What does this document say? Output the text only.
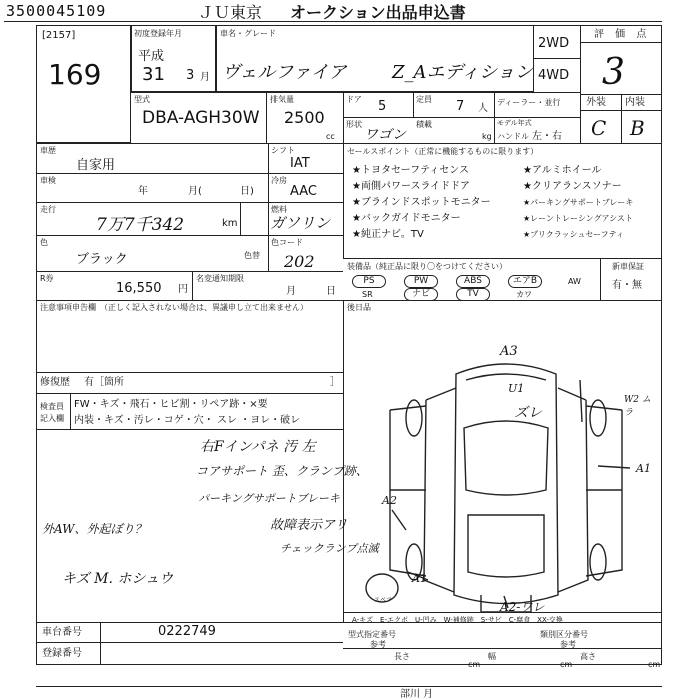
3500045109	ＪＵ東京 オークション出品申込書
[2157]
169
初度登録年月
平成
31 3 月
車名・グレード
ヴェルファイア	Z_Aエディション
2WD
4WD
評 価 点
3
外装 内装
C B
型式
DBA-AGH30W
排気量
2500
cc
ドア 5	定員 7 人
ディーラー・並行
形状
ワゴン
積載
kg
モデル年式
ハンドル 左・右
車歴
自家用
シフト
IAT
車検
年	月(	日)
冷房
AAC
走行
7万7千342	km
燃料
ガソリン
色
ブラック	色替
色コード
202
セールスポイント（正常に機能するものに限ります）
★トヨタセーフティセンス	★アルミホイール
★両側パワースライドドア	★クリアランスソナー
★ブラインドスポットモニター	★パーキングサポートブレーキ
★バックガイドモニター	★レーントレーシングアシスト
★純正ナビ。TV	★プリクラッシュセーフティ
装備品（純正品に限り〇をつけてください）	新車保証
有・無
PS	PW	ABS	エアB	AW
SR	ナビ	TV	カワ
R券
16,550 円
名変通知期限
月	日
注意事項申告欄 （正しく記入されない場合は、異議申し立て出来ません）	後日品
修復歴 有［箇所	］
検査員
記入欄
FW・キズ・飛石・ヒビ割・リペア跡・×要
内装・キズ・汚レ・コゲ・穴・ スレ ・ヨレ・破レ
右Fインパネ 汚 左
コアサポート 歪、クランプ跡、
パーキングサポートブレーキ
故障表示アリ
チェックランプ点滅
外AW、外起ぼり？
キズ M. ホシュウ
A3
U1
ズレ
W2 ムラ
A1
A2
A1
A2-ワレ
スペア
A-キズ　E-エクボ　U-凹み　W-補修跡　S-サビ　C-腐食　XX-交換
車台番号	0222749
登録番号
型式指定番号
参考
類別区分番号
参考
長さ
cm
幅
cm
高さ
cm
部川 月
